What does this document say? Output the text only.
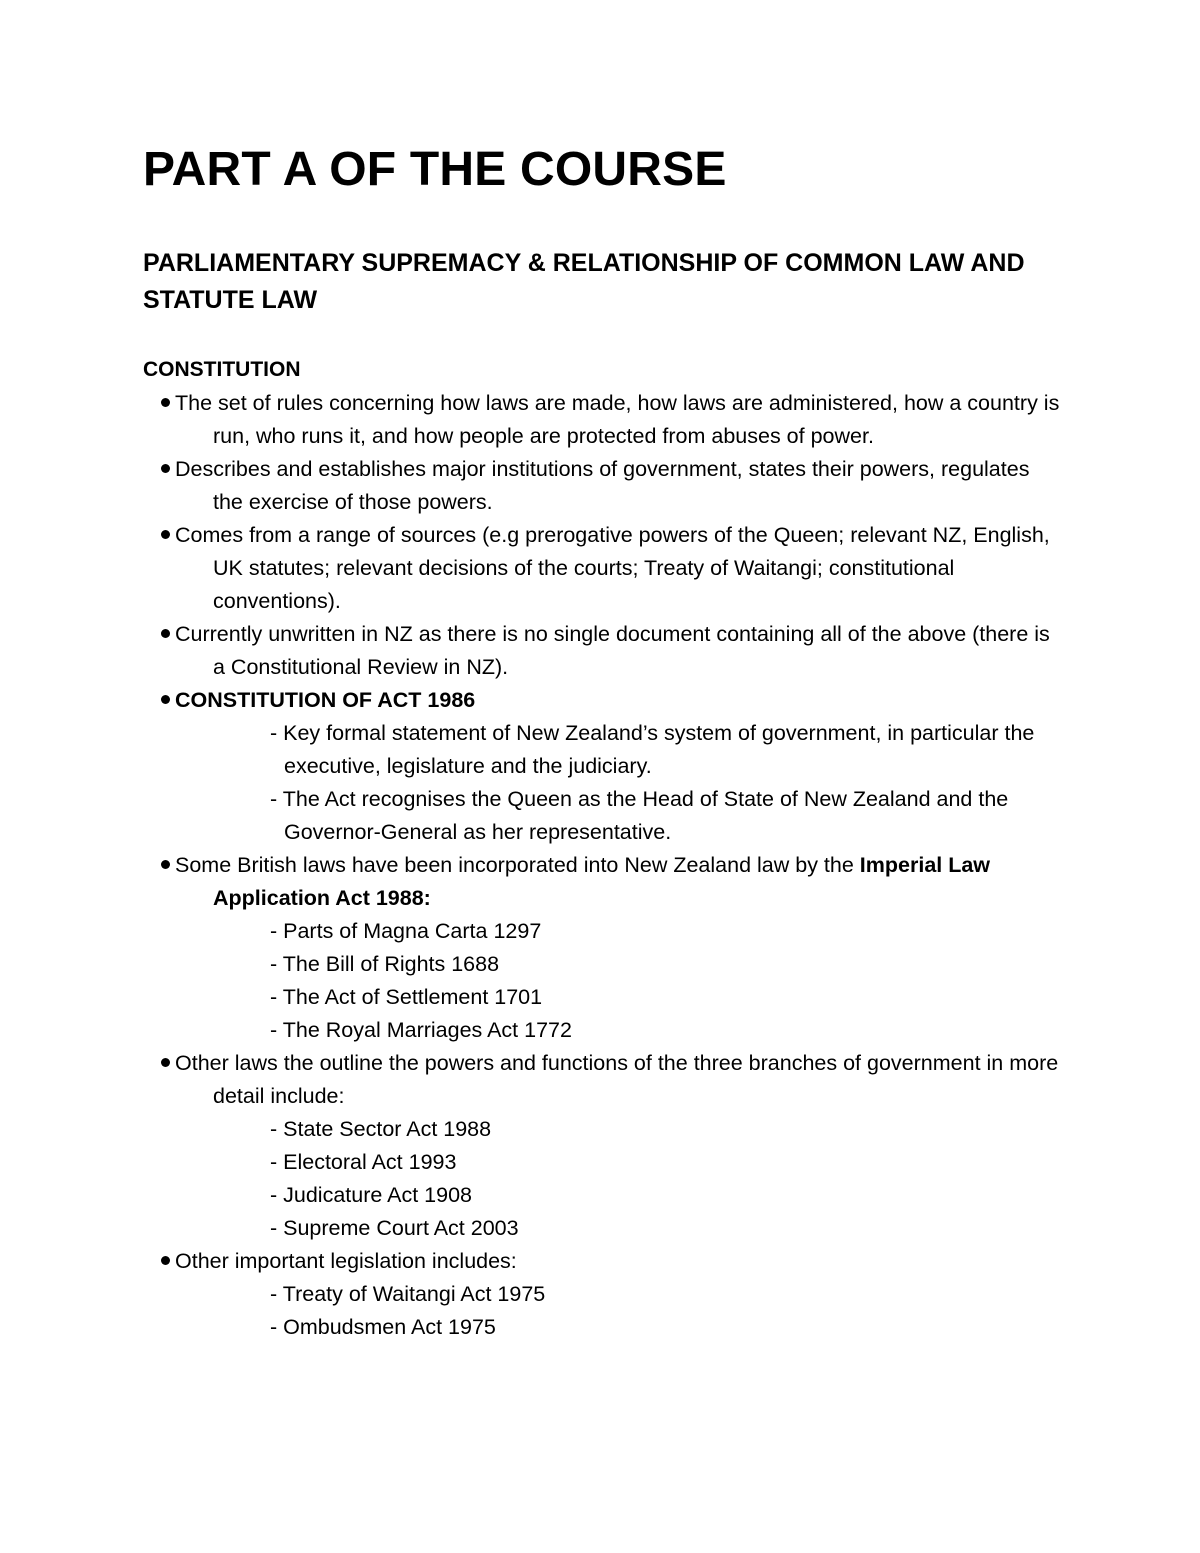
PART A OF THE COURSE
PARLIAMENTARY SUPREMACY & RELATIONSHIP OF COMMON LAW AND STATUTE LAW
CONSTITUTION
The set of rules concerning how laws are made, how laws are administered, how a country is run, who runs it, and how people are protected from abuses of power.
Describes and establishes major institutions of government, states their powers, regulates the exercise of those powers.
Comes from a range of sources (e.g prerogative powers of the Queen; relevant NZ, English, UK statutes; relevant decisions of the courts; Treaty of Waitangi; constitutional conventions).
Currently unwritten in NZ as there is no single document containing all of the above (there is a Constitutional Review in NZ).
CONSTITUTION OF ACT 1986
- Key formal statement of New Zealand’s system of government, in particular the executive, legislature and the judiciary.
- The Act recognises the Queen as the Head of State of New Zealand and the Governor-General as her representative.
Some British laws have been incorporated into New Zealand law by the Imperial Law Application Act 1988:
- Parts of Magna Carta 1297
- The Bill of Rights 1688
- The Act of Settlement 1701
- The Royal Marriages Act 1772
Other laws the outline the powers and functions of the three branches of government in more detail include:
- State Sector Act 1988
- Electoral Act 1993
- Judicature Act 1908
- Supreme Court Act 2003
Other important legislation includes:
- Treaty of Waitangi Act 1975
- Ombudsmen Act 1975
